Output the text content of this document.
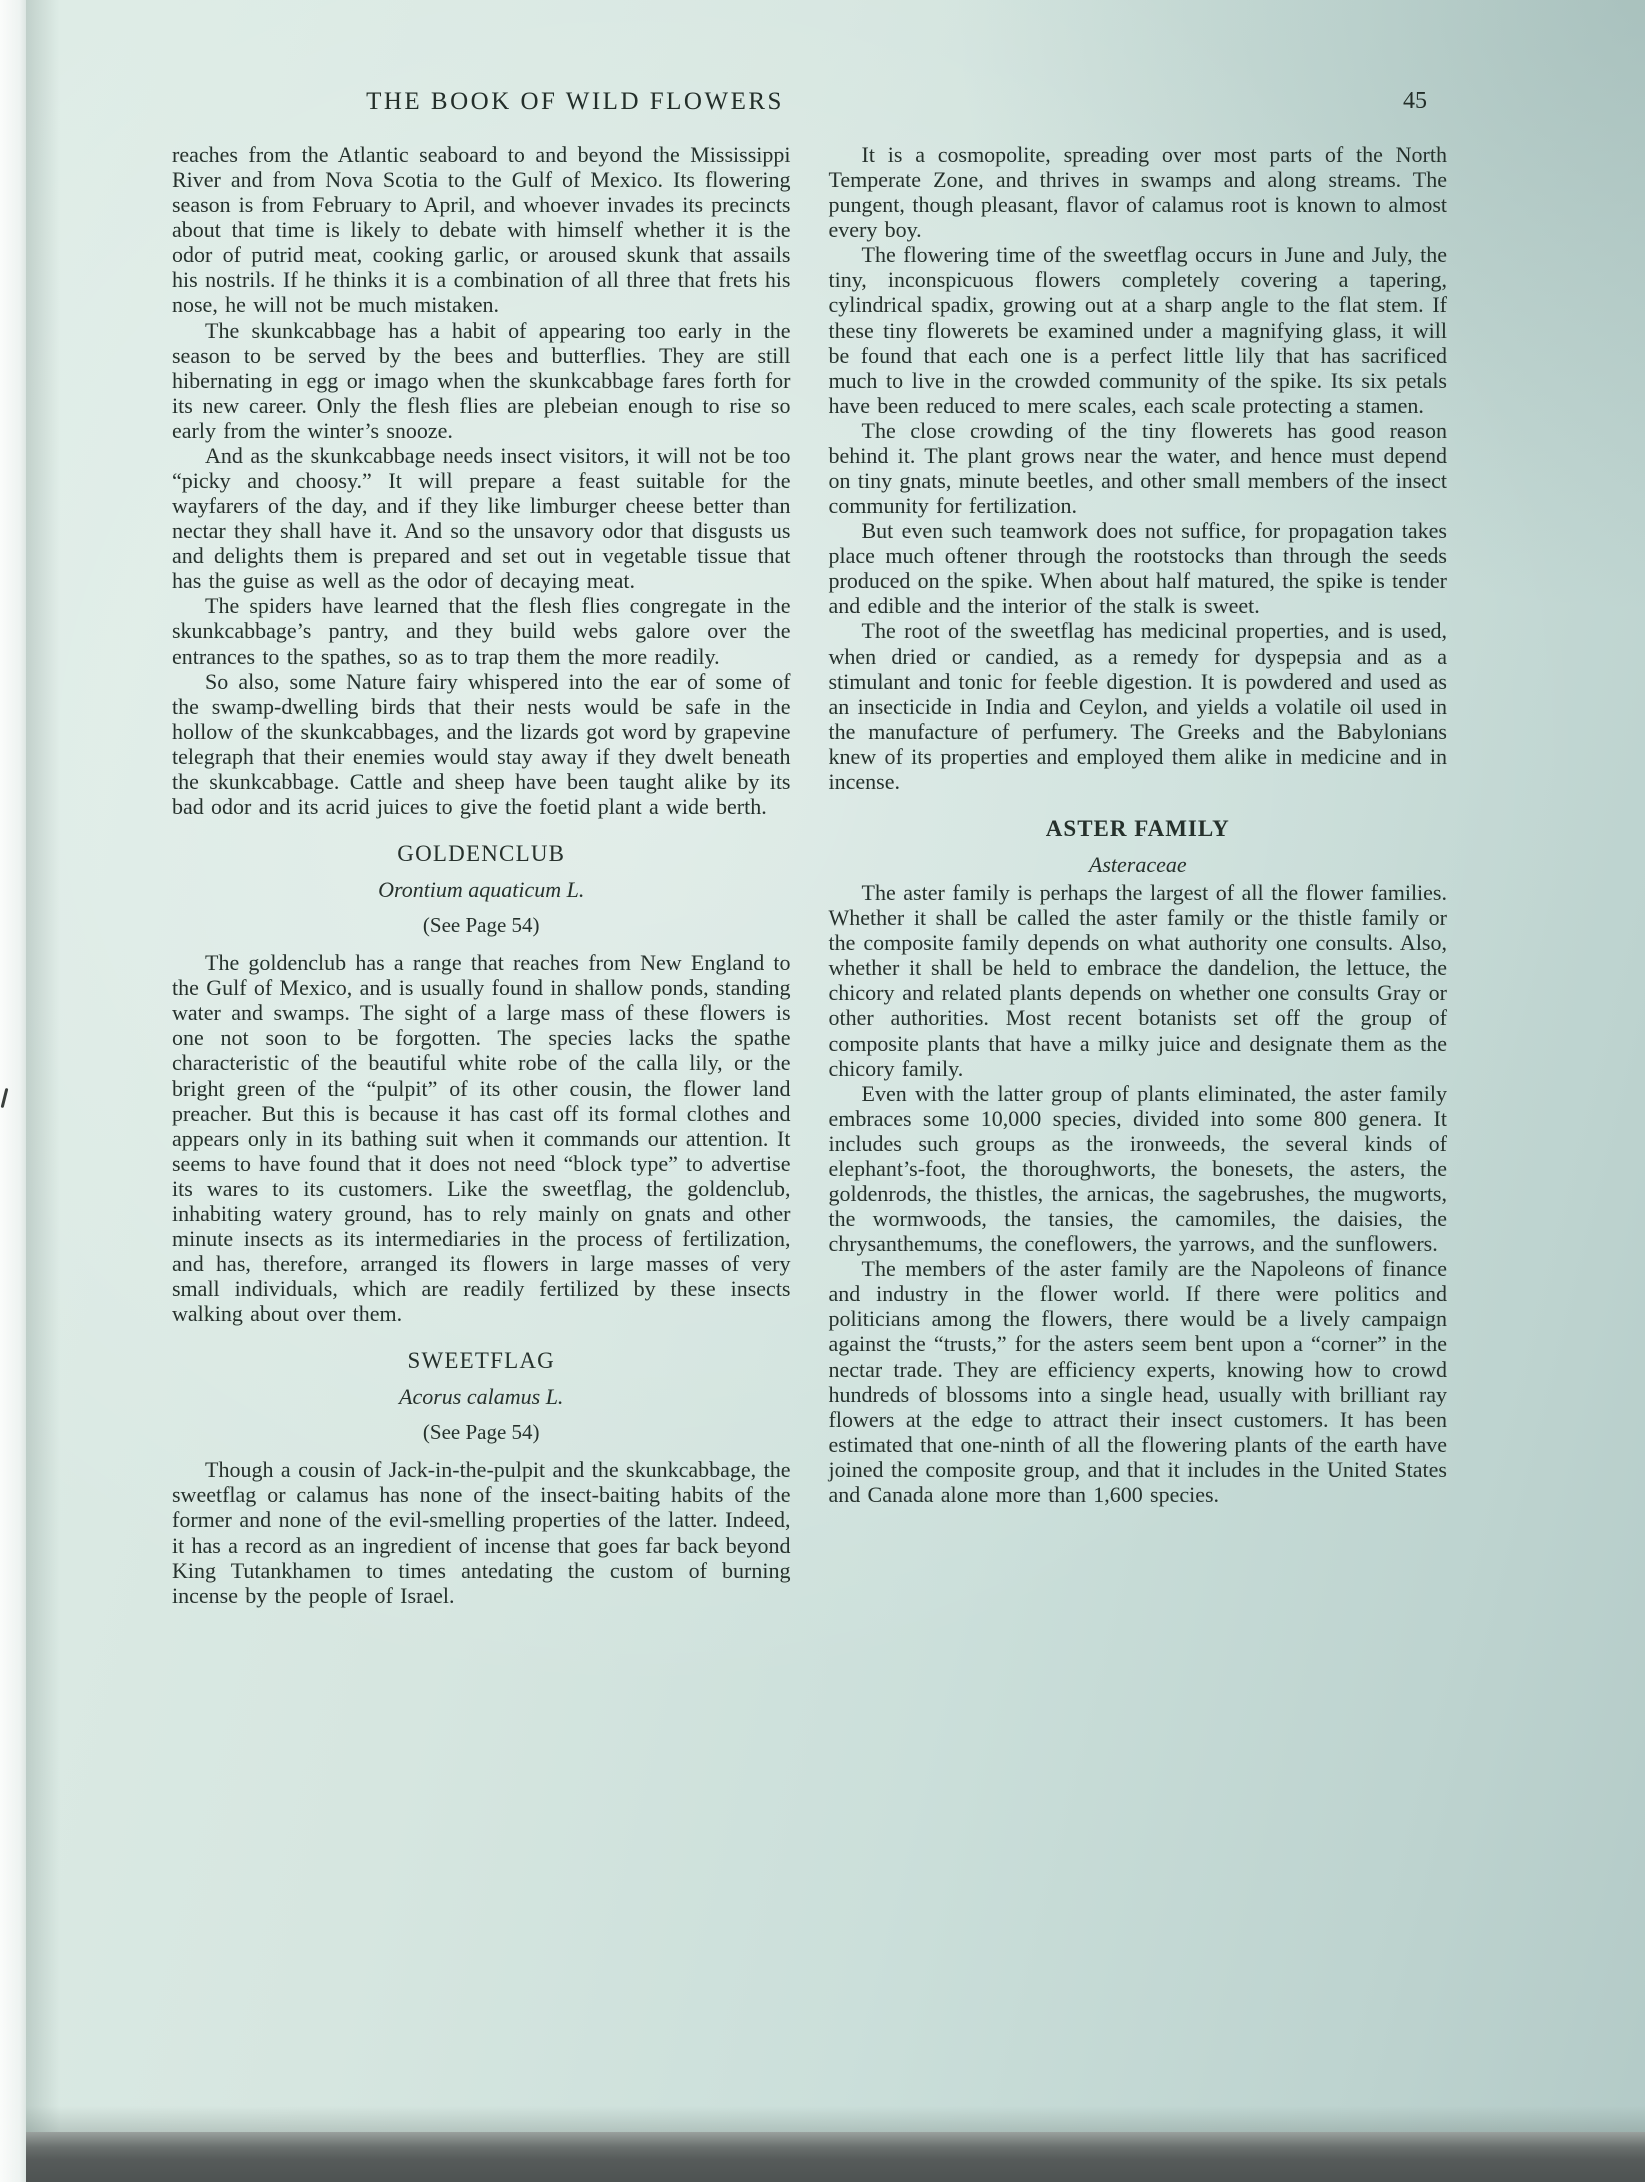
THE BOOK OF WILD FLOWERS	45

reaches from the Atlantic seaboard to and beyond the Mississippi River and from Nova Scotia to the Gulf of Mexico. Its flowering season is from February to April, and whoever invades its precincts about that time is likely to debate with himself whether it is the odor of putrid meat, cooking garlic, or aroused skunk that assails his nostrils. If he thinks it is a combination of all three that frets his nose, he will not be much mistaken.

The skunkcabbage has a habit of appearing too early in the season to be served by the bees and butterflies. They are still hibernating in egg or imago when the skunkcabbage fares forth for its new career. Only the flesh flies are plebeian enough to rise so early from the winter’s snooze.

And as the skunkcabbage needs insect visitors, it will not be too “picky and choosy.” It will prepare a feast suitable for the wayfarers of the day, and if they like limburger cheese better than nectar they shall have it. And so the unsavory odor that disgusts us and delights them is prepared and set out in vegetable tissue that has the guise as well as the odor of decaying meat.

The spiders have learned that the flesh flies congregate in the skunkcabbage’s pantry, and they build webs galore over the entrances to the spathes, so as to trap them the more readily.

So also, some Nature fairy whispered into the ear of some of the swamp-dwelling birds that their nests would be safe in the hollow of the skunkcabbages, and the lizards got word by grapevine telegraph that their enemies would stay away if they dwelt beneath the skunkcabbage. Cattle and sheep have been taught alike by its bad odor and its acrid juices to give the foetid plant a wide berth.

GOLDENCLUB
Orontium aquaticum L.
(See Page 54)

The goldenclub has a range that reaches from New England to the Gulf of Mexico, and is usually found in shallow ponds, standing water and swamps. The sight of a large mass of these flowers is one not soon to be forgotten. The species lacks the spathe characteristic of the beautiful white robe of the calla lily, or the bright green of the “pulpit” of its other cousin, the flower land preacher. But this is because it has cast off its formal clothes and appears only in its bathing suit when it commands our attention. It seems to have found that it does not need “block type” to advertise its wares to its customers. Like the sweetflag, the goldenclub, inhabiting watery ground, has to rely mainly on gnats and other minute insects as its intermediaries in the process of fertilization, and has, therefore, arranged its flowers in large masses of very small individuals, which are readily fertilized by these insects walking about over them.

SWEETFLAG
Acorus calamus L.
(See Page 54)

Though a cousin of Jack-in-the-pulpit and the skunkcabbage, the sweetflag or calamus has none of the insect-baiting habits of the former and none of the evil-smelling properties of the latter. Indeed, it has a record as an ingredient of incense that goes far back beyond King Tutankhamen to times antedating the custom of burning incense by the people of Israel.

It is a cosmopolite, spreading over most parts of the North Temperate Zone, and thrives in swamps and along streams. The pungent, though pleasant, flavor of calamus root is known to almost every boy.

The flowering time of the sweetflag occurs in June and July, the tiny, inconspicuous flowers completely covering a tapering, cylindrical spadix, growing out at a sharp angle to the flat stem. If these tiny flowerets be examined under a magnifying glass, it will be found that each one is a perfect little lily that has sacrificed much to live in the crowded community of the spike. Its six petals have been reduced to mere scales, each scale protecting a stamen.

The close crowding of the tiny flowerets has good reason behind it. The plant grows near the water, and hence must depend on tiny gnats, minute beetles, and other small members of the insect community for fertilization.

But even such teamwork does not suffice, for propagation takes place much oftener through the rootstocks than through the seeds produced on the spike. When about half matured, the spike is tender and edible and the interior of the stalk is sweet.

The root of the sweetflag has medicinal properties, and is used, when dried or candied, as a remedy for dyspepsia and as a stimulant and tonic for feeble digestion. It is powdered and used as an insecticide in India and Ceylon, and yields a volatile oil used in the manufacture of perfumery. The Greeks and the Babylonians knew of its properties and employed them alike in medicine and in incense.

ASTER FAMILY
Asteraceae

The aster family is perhaps the largest of all the flower families. Whether it shall be called the aster family or the thistle family or the composite family depends on what authority one consults. Also, whether it shall be held to embrace the dandelion, the lettuce, the chicory and related plants depends on whether one consults Gray or other authorities. Most recent botanists set off the group of composite plants that have a milky juice and designate them as the chicory family.

Even with the latter group of plants eliminated, the aster family embraces some 10,000 species, divided into some 800 genera. It includes such groups as the ironweeds, the several kinds of elephant’s-foot, the thoroughworts, the bonesets, the asters, the goldenrods, the thistles, the arnicas, the sagebrushes, the mugworts, the wormwoods, the tansies, the camomiles, the daisies, the chrysanthemums, the coneflowers, the yarrows, and the sunflowers.

The members of the aster family are the Napoleons of finance and industry in the flower world. If there were politics and politicians among the flowers, there would be a lively campaign against the “trusts,” for the asters seem bent upon a “corner” in the nectar trade. They are efficiency experts, knowing how to crowd hundreds of blossoms into a single head, usually with brilliant ray flowers at the edge to attract their insect customers. It has been estimated that one-ninth of all the flowering plants of the earth have joined the composite group, and that it includes in the United States and Canada alone more than 1,600 species.
